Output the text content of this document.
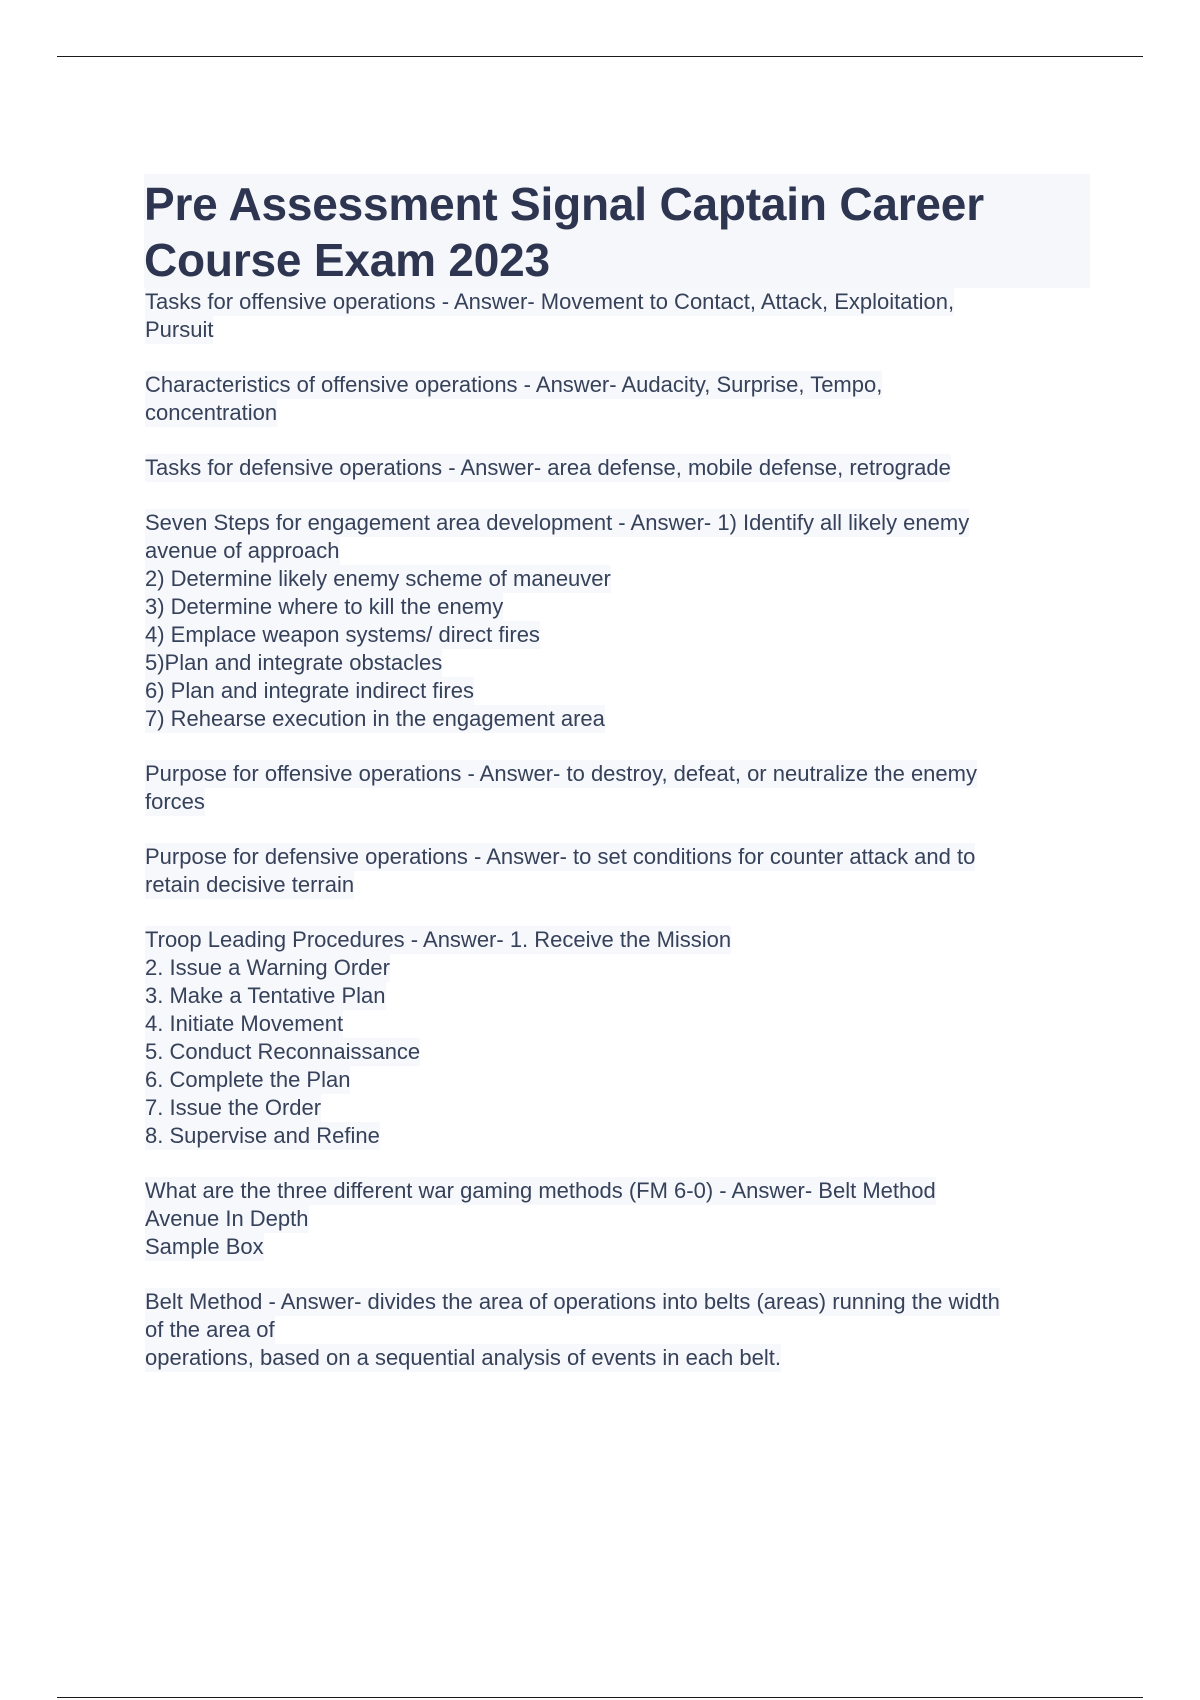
Pre Assessment Signal Captain Career
Course Exam 2023

Tasks for offensive operations - Answer- Movement to Contact, Attack, Exploitation,
Pursuit

Characteristics of offensive operations - Answer- Audacity, Surprise, Tempo,
concentration

Tasks for defensive operations - Answer- area defense, mobile defense, retrograde

Seven Steps for engagement area development - Answer- 1) Identify all likely enemy
avenue of approach
2) Determine likely enemy scheme of maneuver
3) Determine where to kill the enemy
4) Emplace weapon systems/ direct fires
5)Plan and integrate obstacles
6) Plan and integrate indirect fires
7) Rehearse execution in the engagement area

Purpose for offensive operations - Answer- to destroy, defeat, or neutralize the enemy
forces

Purpose for defensive operations - Answer- to set conditions for counter attack and to
retain decisive terrain

Troop Leading Procedures - Answer- 1. Receive the Mission
2. Issue a Warning Order
3. Make a Tentative Plan
4. Initiate Movement
5. Conduct Reconnaissance
6. Complete the Plan
7. Issue the Order
8. Supervise and Refine

What are the three different war gaming methods (FM 6-0) - Answer- Belt Method
Avenue In Depth
Sample Box

Belt Method - Answer- divides the area of operations into belts (areas) running the width
of the area of
operations, based on a sequential analysis of events in each belt.
